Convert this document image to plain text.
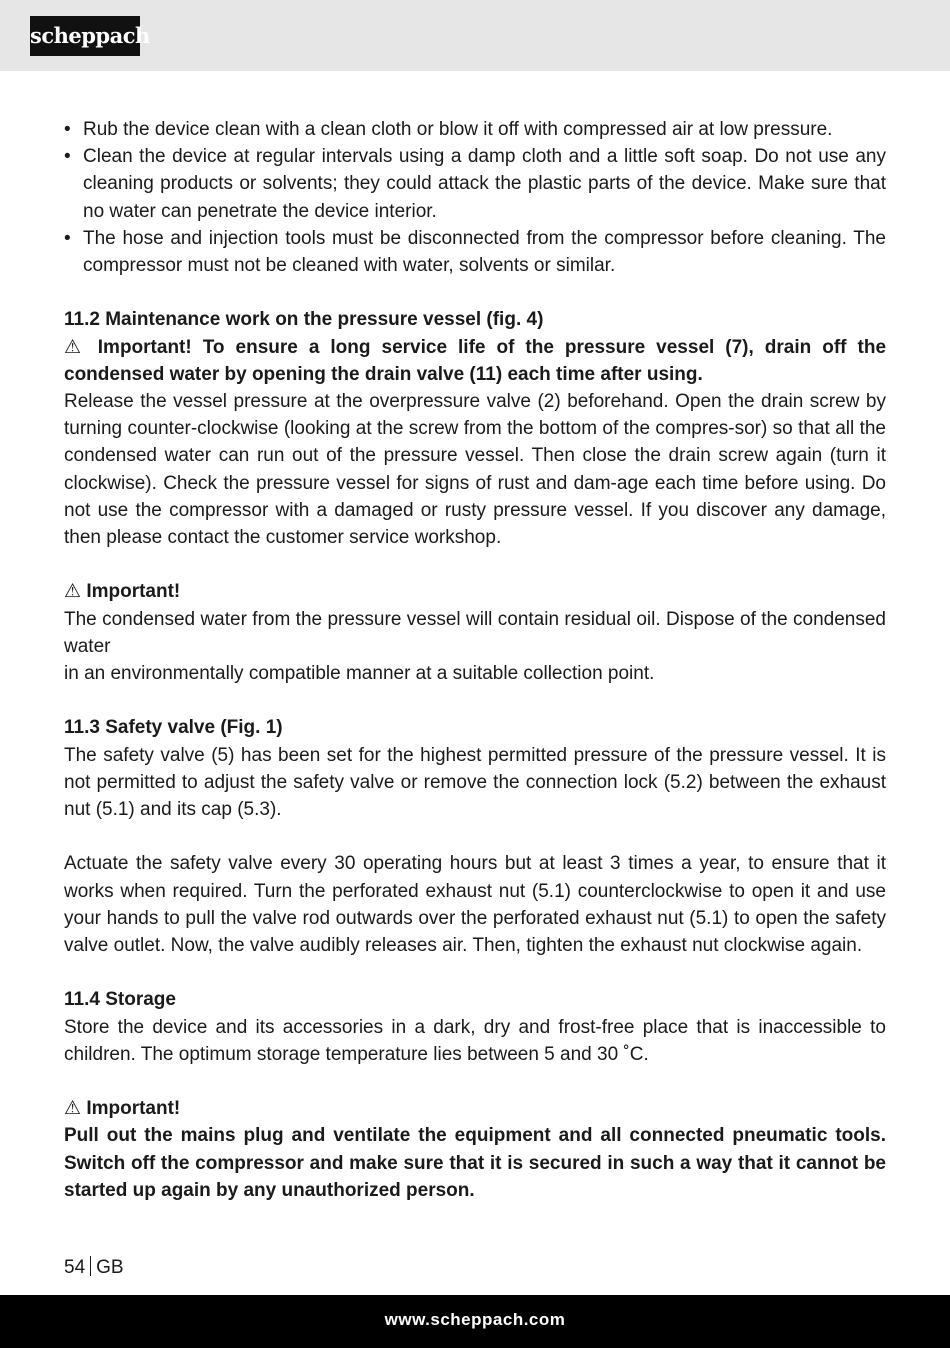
scheppach
• Rub the device clean with a clean cloth or blow it off with compressed air at low pressure.
• Clean the device at regular intervals using a damp cloth and a little soft soap. Do not use any cleaning products or solvents; they could attack the plastic parts of the device. Make sure that no water can penetrate the device interior.
• The hose and injection tools must be disconnected from the compressor before cleaning. The compressor must not be cleaned with water, solvents or similar.

11.2 Maintenance work on the pressure vessel (fig. 4)

⚠ Important! To ensure a long service life of the pressure vessel (7), drain off the condensed water by opening the drain valve (11) each time after using.

Release the vessel pressure at the overpressure valve (2) beforehand. Open the drain screw by turning counter-clockwise (looking at the screw from the bottom of the compres-sor) so that all the condensed water can run out of the pressure vessel. Then close the drain screw again (turn it clockwise). Check the pressure vessel for signs of rust and dam-age each time before using. Do not use the compressor with a damaged or rusty pressure vessel. If you discover any damage, then please contact the customer service workshop.

⚠ Important!

The condensed water from the pressure vessel will contain residual oil. Dispose of the condensed water

in an environmentally compatible manner at a suitable collection point.

11.3 Safety valve (Fig. 1)

The safety valve (5) has been set for the highest permitted pressure of the pressure vessel. It is not permitted to adjust the safety valve or remove the connection lock (5.2) between the exhaust nut (5.1) and its cap (5.3).

Actuate the safety valve every 30 operating hours but at least 3 times a year, to ensure that it works when required. Turn the perforated exhaust nut (5.1) counterclockwise to open it and use your hands to pull the valve rod outwards over the perforated exhaust nut (5.1) to open the safety valve outlet. Now, the valve audibly releases air. Then, tighten the exhaust nut clockwise again.

11.4 Storage

Store the device and its accessories in a dark, dry and frost-free place that is inaccessible to children. The optimum storage temperature lies between 5 and 30 ˚C.

⚠ Important!

Pull out the mains plug and ventilate the equipment and all connected pneumatic tools. Switch off the compressor and make sure that it is secured in such a way that it cannot be started up again by any unauthorized person.

54 GB
www.scheppach.com
